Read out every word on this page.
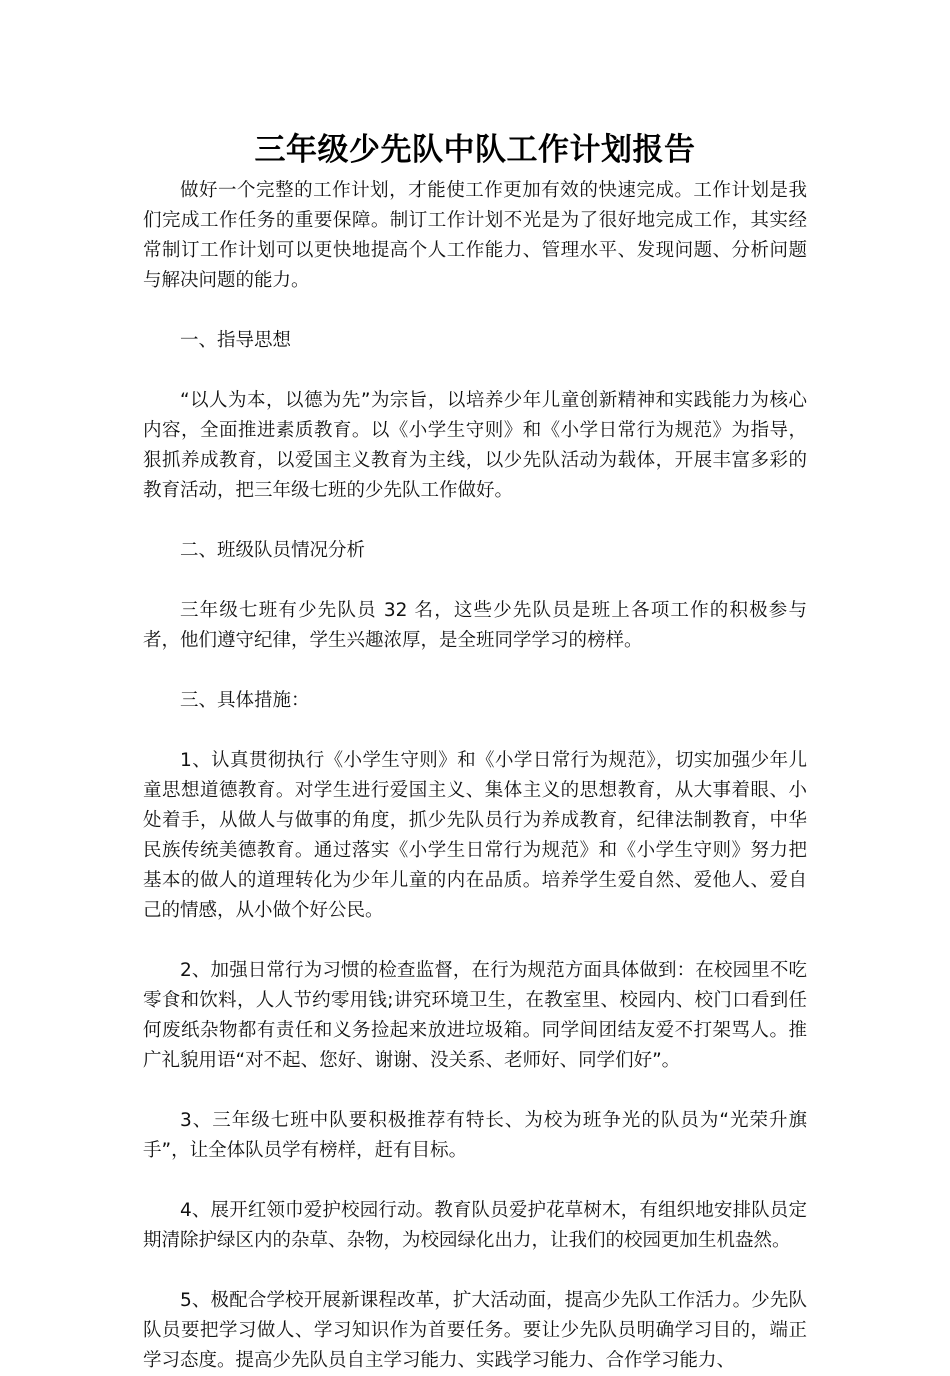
三年级少先队中队工作计划报告

做好一个完整的工作计划，才能使工作更加有效的快速完成。工作计划是我们完成工作任务的重要保障。制订工作计划不光是为了很好地完成工作，其实经常制订工作计划可以更快地提高个人工作能力、管理水平、发现问题、分析问题与解决问题的能力。

一、指导思想

“以人为本，以德为先”为宗旨，以培养少年儿童创新精神和实践能力为核心内容，全面推进素质教育。以《小学生守则》和《小学日常行为规范》为指导，狠抓养成教育，以爱国主义教育为主线，以少先队活动为载体，开展丰富多彩的教育活动，把三年级七班的少先队工作做好。

二、班级队员情况分析

三年级七班有少先队员 32 名，这些少先队员是班上各项工作的积极参与者，他们遵守纪律，学生兴趣浓厚，是全班同学学习的榜样。

三、具体措施：

1、认真贯彻执行《小学生守则》和《小学日常行为规范》，切实加强少年儿童思想道德教育。对学生进行爱国主义、集体主义的思想教育，从大事着眼、小处着手，从做人与做事的角度，抓少先队员行为养成教育，纪律法制教育，中华民族传统美德教育。通过落实《小学生日常行为规范》和《小学生守则》努力把基本的做人的道理转化为少年儿童的内在品质。培养学生爱自然、爱他人、爱自己的情感，从小做个好公民。

2、加强日常行为习惯的检查监督，在行为规范方面具体做到：在校园里不吃零食和饮料，人人节约零用钱;讲究环境卫生，在教室里、校园内、校门口看到任何废纸杂物都有责任和义务捡起来放进垃圾箱。同学间团结友爱不打架骂人。推广礼貌用语“对不起、您好、谢谢、没关系、老师好、同学们好”。

3、三年级七班中队要积极推荐有特长、为校为班争光的队员为“光荣升旗手”，让全体队员学有榜样，赶有目标。

4、展开红领巾爱护校园行动。教育队员爱护花草树木，有组织地安排队员定期清除护绿区内的杂草、杂物，为校园绿化出力，让我们的校园更加生机盎然。

5、极配合学校开展新课程改革，扩大活动面，提高少先队工作活力。少先队队员要把学习做人、学习知识作为首要任务。要让少先队员明确学习目的，端正学习态度。提高少先队员自主学习能力、实践学习能力、合作学习能力、
